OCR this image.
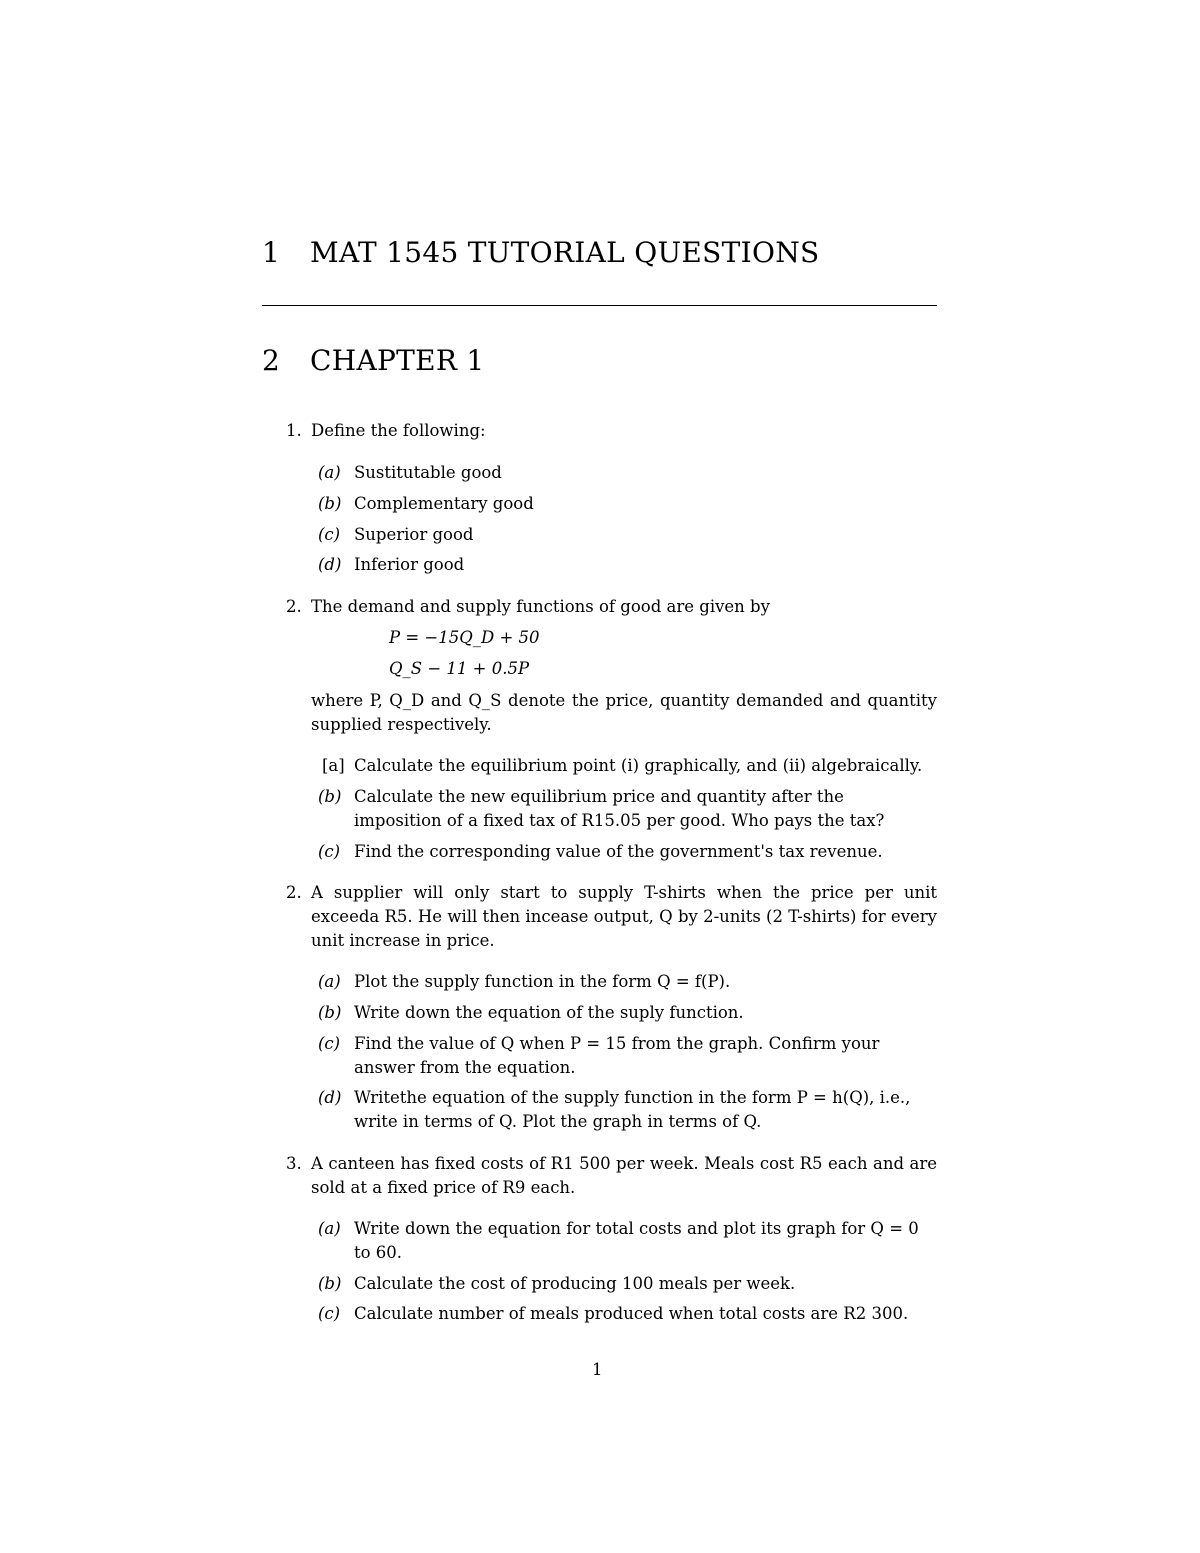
1 MAT 1545 TUTORIAL QUESTIONS
2 CHAPTER 1
1. Define the following:
(a) Sustitutable good
(b) Complementary good
(c) Superior good
(d) Inferior good
2. The demand and supply functions of good are given by
P = −15Q_D + 50
Q_S − 11 + 0.5P
where P, Q_D and Q_S denote the price, quantity demanded and quantity supplied respectively.
[a] Calculate the equilibrium point (i) graphically, and (ii) algebraically.
(b) Calculate the new equilibrium price and quantity after the imposition of a fixed tax of R15.05 per good. Who pays the tax?
(c) Find the corresponding value of the government's tax revenue.
2. A supplier will only start to supply T-shirts when the price per unit exceeda R5. He will then incease output, Q by 2-units (2 T-shirts) for every unit increase in price.
(a) Plot the supply function in the form Q = f(P).
(b) Write down the equation of the suply function.
(c) Find the value of Q when P = 15 from the graph. Confirm your answer from the equation.
(d) Writethe equation of the supply function in the form P = h(Q), i.e., write in terms of Q. Plot the graph in terms of Q.
3. A canteen has fixed costs of R1 500 per week. Meals cost R5 each and are sold at a fixed price of R9 each.
(a) Write down the equation for total costs and plot its graph for Q = 0 to 60.
(b) Calculate the cost of producing 100 meals per week.
(c) Calculate number of meals produced when total costs are R2 300.
1
